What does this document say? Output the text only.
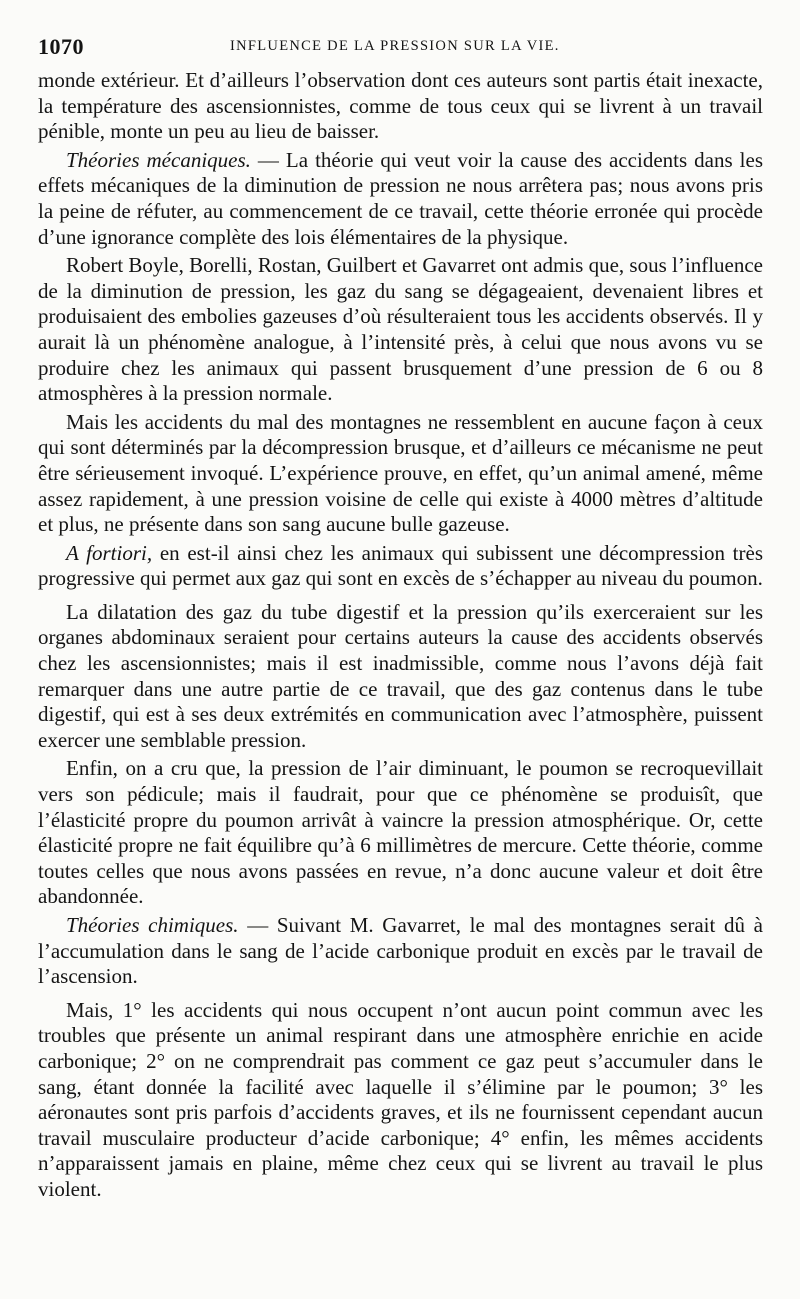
1070	INFLUENCE DE LA PRESSION SUR LA VIE.

monde extérieur. Et d’ailleurs l’observation dont ces auteurs sont partis était inexacte, la température des ascensionnistes, comme de tous ceux qui se livrent à un travail pénible, monte un peu au lieu de baisser.

Théories mécaniques. — La théorie qui veut voir la cause des accidents dans les effets mécaniques de la diminution de pression ne nous arrêtera pas; nous avons pris la peine de réfuter, au commencement de ce travail, cette théorie erronée qui procède d’une ignorance complète des lois élémentaires de la physique.

Robert Boyle, Borelli, Rostan, Guilbert et Gavarret ont admis que, sous l’influence de la diminution de pression, les gaz du sang se dégageaient, devenaient libres et produisaient des embolies gazeuses d’où résulteraient tous les accidents observés. Il y aurait là un phénomène analogue, à l’intensité près, à celui que nous avons vu se produire chez les animaux qui passent brusquement d’une pression de 6 ou 8 atmosphères à la pression normale.

Mais les accidents du mal des montagnes ne ressemblent en aucune façon à ceux qui sont déterminés par la décompression brusque, et d’ailleurs ce mécanisme ne peut être sérieusement invoqué. L’expérience prouve, en effet, qu’un animal amené, même assez rapidement, à une pression voisine de celle qui existe à 4000 mètres d’altitude et plus, ne présente dans son sang aucune bulle gazeuse.

A fortiori, en est-il ainsi chez les animaux qui subissent une décompression très progressive qui permet aux gaz qui sont en excès de s’échapper au niveau du poumon.

La dilatation des gaz du tube digestif et la pression qu’ils exerceraient sur les organes abdominaux seraient pour certains auteurs la cause des accidents observés chez les ascensionnistes; mais il est inadmissible, comme nous l’avons déjà fait remarquer dans une autre partie de ce travail, que des gaz contenus dans le tube digestif, qui est à ses deux extrémités en communication avec l’atmosphère, puissent exercer une semblable pression.

Enfin, on a cru que, la pression de l’air diminuant, le poumon se recroquevillait vers son pédicule; mais il faudrait, pour que ce phénomène se produisît, que l’élasticité propre du poumon arrivât à vaincre la pression atmosphérique. Or, cette élasticité propre ne fait équilibre qu’à 6 millimètres de mercure. Cette théorie, comme toutes celles que nous avons passées en revue, n’a donc aucune valeur et doit être abandonnée.

Théories chimiques. — Suivant M. Gavarret, le mal des montagnes serait dû à l’accumulation dans le sang de l’acide carbonique produit en excès par le travail de l’ascension.

Mais, 1° les accidents qui nous occupent n’ont aucun point commun avec les troubles que présente un animal respirant dans une atmosphère enrichie en acide carbonique; 2° on ne comprendrait pas comment ce gaz peut s’accumuler dans le sang, étant donnée la facilité avec laquelle il s’élimine par le poumon; 3° les aéronautes sont pris parfois d’accidents graves, et ils ne fournissent cependant aucun travail musculaire producteur d’acide carbonique; 4° enfin, les mêmes accidents n’apparaissent jamais en plaine, même chez ceux qui se livrent au travail le plus violent.
